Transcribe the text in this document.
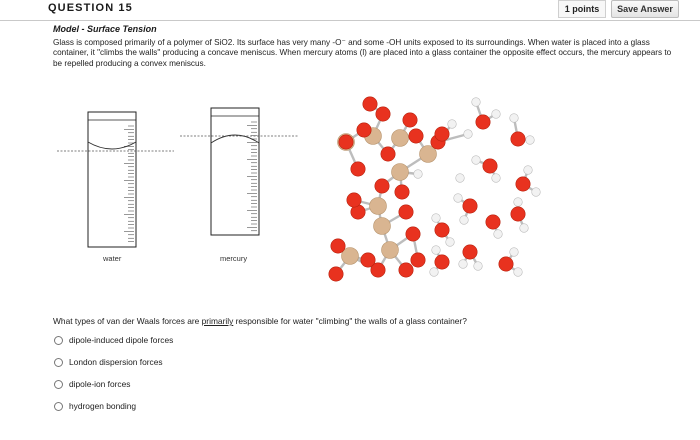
QUESTION 15	1 points	Save Answer
Model - Surface Tension
Glass is composed primarily of a polymer of SiO2. Its surface has very many -O⁻ and some -OH units exposed to its surroundings. When water is placed into a glass container, it "climbs the walls" producing a concave meniscus. When mercury atoms (l) are placed into a glass container the opposite effect occurs, the mercury appears to be repelled producing a convex meniscus.
water	mercury
What types of van der Waals forces are primarily responsible for water "climbing" the walls of a glass container?
dipole-induced dipole forces
London dispersion forces
dipole-ion forces
hydrogen bonding
